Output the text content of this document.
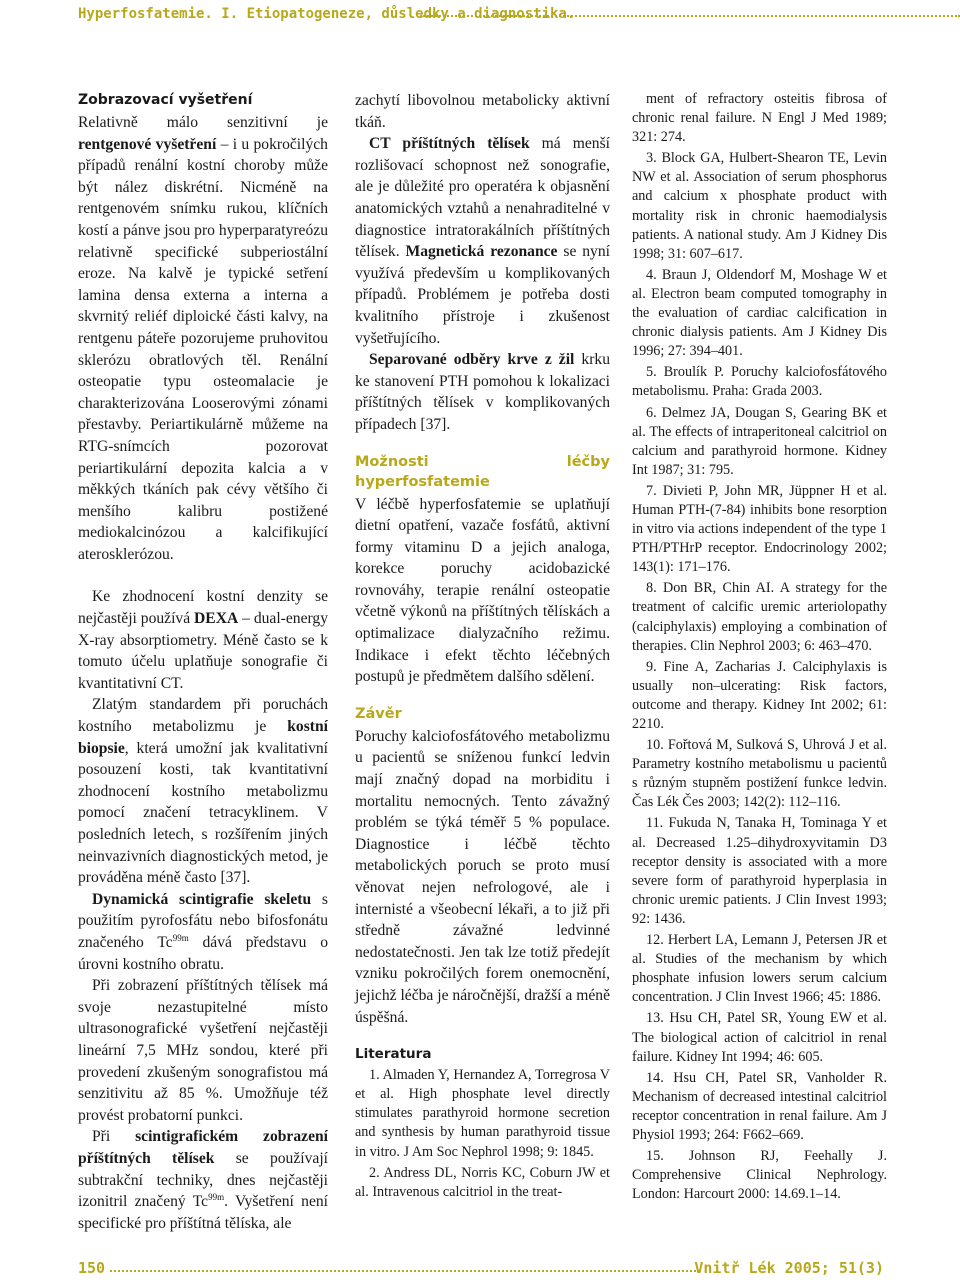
Hyperfosfatemie. I. Etiopatogeneze, důsledky a diagnostika.
Zobrazovací vyšetření

Relativně málo senzitivní je rentgenové vyšetření – i u pokročilých případů renální kostní choroby může být nález diskrétní. Nicméně na rentgenovém snímku rukou, klíčních kostí a pánve jsou pro hyperparatyreózu relativně specifické subperiostální eroze. Na kalvě je typické setření lamina densa externa a interna a skvrnitý reliéf diploické části kalvy, na rentgenu páteře pozorujeme pruhovitou sklerózu obratlových těl. Renální osteopatie typu osteomalacie je charakterizována Looserovými zónami přestavby. Periartikulárně můžeme na RTG-snímcích pozorovat periartikulární depozita kalcia a v měkkých tkáních pak cévy většího či menšího kalibru postižené mediokalcinózou a kalcifikující aterosklerózou.

Ke zhodnocení kostní denzity se nejčastěji používá DEXA – dual-energy X-ray absorptiometry. Méně často se k tomuto účelu uplatňuje sonografie či kvantitativní CT.

Zlatým standardem při poruchách kostního metabolizmu je kostní biopsie, která umožní jak kvalitativní posouzení kosti, tak kvantitativní zhodnocení kostního metabolizmu pomocí značení tetracyklinem. V posledních letech, s rozšířením jiných neinvazivních diagnostických metod, je prováděna méně často [37].

Dynamická scintigrafie skeletu s použitím pyrofosfátu nebo bifosfonátu značeného $Tc^{99m}$ dává představu o úrovni kostního obratu.

Při zobrazení příštítných tělísek má svoje nezastupitelné místo ultrasonografické vyšetření nejčastěji lineární 7,5 MHz sondou, které při provedení zkušeným sonografistou má senzitivitu až 85 %. Umožňuje též provést probatorní punkci.

Při scintigrafickém zobrazení příštítných tělísek se používají subtrakční techniky, dnes nejčastěji izonitril značený $Tc^{99m}$. Vyšetření není specifické pro příštítná tělíska, ale

zachytí libovolnou metabolicky aktivní tkáň.

CT příštítných tělísek má menší rozlišovací schopnost než sonografie, ale je důležité pro operatéra k objasnění anatomických vztahů a nenahraditelné v diagnostice intratorakálních příštítných tělísek. Magnetická rezonance se nyní využívá především u komplikovaných případů. Problémem je potřeba dosti kvalitního přístroje i zkušenost vyšetřujícího.

Separované odběry krve z žil krku ke stanovení PTH pomohou k lokalizaci příštítných tělísek v komplikovaných případech [37].

Možnosti léčby hyperfosfatemie

V léčbě hyperfosfatemie se uplatňují dietní opatření, vazače fosfátů, aktivní formy vitaminu D a jejich analoga, korekce poruchy acidobazické rovnováhy, terapie renální osteopatie včetně výkonů na příštítných tělískách a optimalizace dialyzačního režimu. Indikace i efekt těchto léčebných postupů je předmětem dalšího sdělení.

Závěr

Poruchy kalciofosfátového metabolizmu u pacientů se sníženou funkcí ledvin mají značný dopad na morbiditu i mortalitu nemocných. Tento závažný problém se týká téměř 5 % populace. Diagnostice i léčbě těchto metabolických poruch se proto musí věnovat nejen nefrologové, ale i internisté a všeobecní lékaři, a to již při středně závažné ledvinné nedostatečnosti. Jen tak lze totiž předejít vzniku pokročilých forem onemocnění, jejichž léčba je náročnější, dražší a méně úspěšná.

Literatura

1. Almaden Y, Hernandez A, Torregrosa V et al. High phosphate level directly stimulates parathyroid hormone secretion and synthesis by human parathyroid tissue in vitro. J Am Soc Nephrol 1998; 9: 1845.

2. Andress DL, Norris KC, Coburn JW et al. Intravenous calcitriol in the treat-

ment of refractory osteitis fibrosa of chronic renal failure. N Engl J Med 1989; 321: 274.

3. Block GA, Hulbert-Shearon TE, Levin NW et al. Association of serum phosphorus and calcium x phosphate product with mortality risk in chronic haemodialysis patients. A national study. Am J Kidney Dis 1998; 31: 607–617.

4. Braun J, Oldendorf M, Moshage W et al. Electron beam computed tomography in the evaluation of cardiac calcification in chronic dialysis patients. Am J Kidney Dis 1996; 27: 394–401.

5. Broulík P. Poruchy kalciofosfátového metabolismu. Praha: Grada 2003.

6. Delmez JA, Dougan S, Gearing BK et al. The effects of intraperitoneal calcitriol on calcium and parathyroid hormone. Kidney Int 1987; 31: 795.

7. Divieti P, John MR, Jüppner H et al. Human PTH-(7-84) inhibits bone resorption in vitro via actions independent of the type 1 PTH/PTHrP receptor. Endocrinology 2002; 143(1): 171–176.

8. Don BR, Chin AI. A strategy for the treatment of calcific uremic arteriolopathy (calciphylaxis) employing a combination of therapies. Clin Nephrol 2003; 6: 463–470.

9. Fine A, Zacharias J. Calciphylaxis is usually non–ulcerating: Risk factors, outcome and therapy. Kidney Int 2002; 61: 2210.

10. Fořtová M, Sulková S, Uhrová J et al. Parametry kostního metabolismu u pacientů s různým stupněm postižení funkce ledvin. Čas Lék Čes 2003; 142(2): 112–116.

11. Fukuda N, Tanaka H, Tominaga Y et al. Decreased 1.25–dihydroxyvitamin D3 receptor density is associated with a more severe form of parathyroid hyperplasia in chronic uremic patients. J Clin Invest 1993; 92: 1436.

12. Herbert LA, Lemann J, Petersen JR et al. Studies of the mechanism by which phosphate infusion lowers serum calcium concentration. J Clin Invest 1966; 45: 1886.

13. Hsu CH, Patel SR, Young EW et al. The biological action of calcitriol in renal failure. Kidney Int 1994; 46: 605.

14. Hsu CH, Patel SR, Vanholder R. Mechanism of decreased intestinal calcitriol receptor concentration in renal failure. Am J Physiol 1993; 264: F662–669.

15. Johnson RJ, Feehally J. Comprehensive Clinical Nephrology. London: Harcourt 2000: 14.69.1–14.

150	Vnitř Lék 2005; 51(3)
